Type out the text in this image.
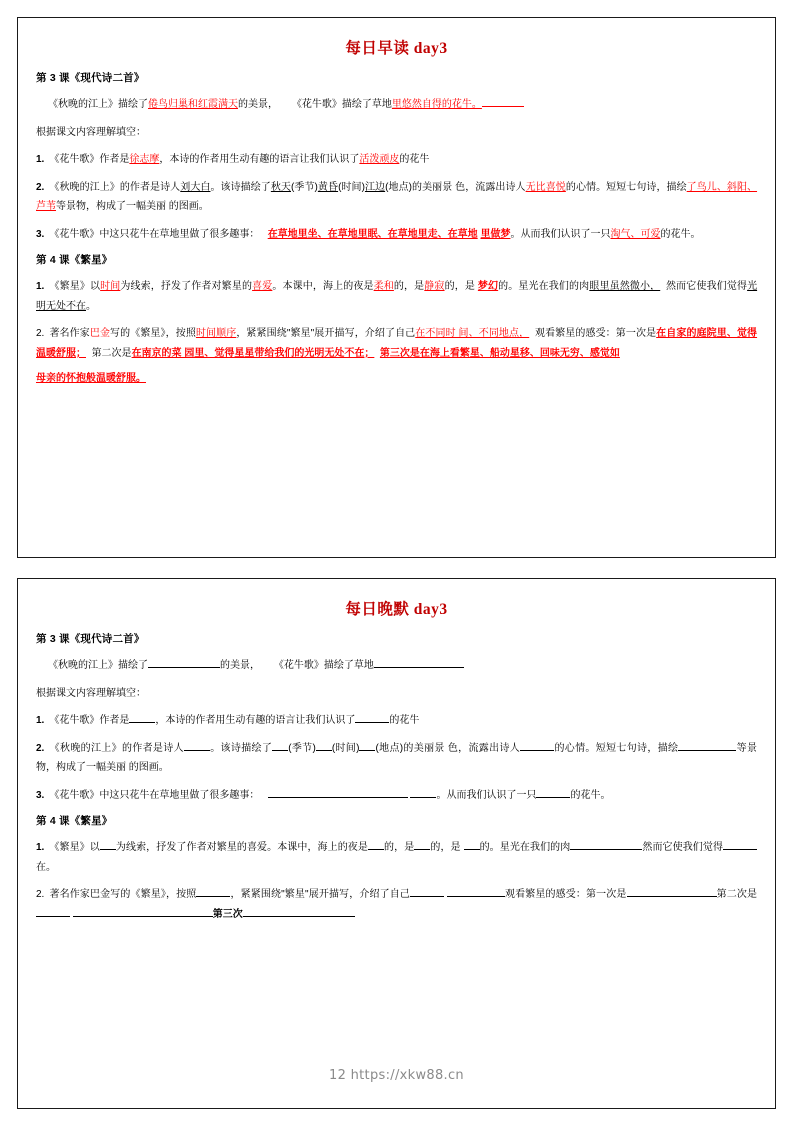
每日早读 day3
第 3 课《现代诗二首》
《秋晚的江上》描绘了倦鸟归巢和红霞满天的美景， 《花牛歌》描绘了草地里悠然自得的花牛。
根据课文内容理解填空：
1. 《花牛歌》作者是徐志摩，本诗的作者用生动有趣的语言让我们认识了活泼顽皮的花牛
2. 《秋晚的江上》的作者是诗人刘大白。该诗描绘了秋天(季节)黄昏(时间)江边(地点)的美丽景 色，流露出诗人无比喜悦的心情。短短七句诗，描绘了鸟儿、斜阳、芦苇等景物，构成了一幅美丽 的图画。
3. 《花牛歌》中这只花牛在草地里做了很多趣事： 在草地里坐、在草地里眠、在草地里走、在草地 里做梦。从而我们认识了一只淘气、可爱的花牛。
第 4 课《繁星》
1. 《繁星》以时间为线索，抒发了作者对繁星的喜爱。本课中，海上的夜是柔和的，是静寂的，是 梦幻的。星光在我们的肉眼里虽然微小， 然而它使我们觉得光明无处不在。
2. 著名作家巴金写的《繁星》，按照时间顺序，紧紧围绕"繁星"展开描写，介绍了自己在不同时 间、不同地点， 观看繁星的感受：第一次是在自家的庭院里、觉得温暖舒服； 第二次是在南京的菜 园里、觉得星星带给我们的光明无处不在； 第三次是在海上看繁星、船动星移、回味无穷、感觉如
母亲的怀抱般温暖舒服。
每日晚默 day3
第 3 课《现代诗二首》
《秋晚的江上》描绘了	的美景， 《花牛歌》描绘了草地
根据课文内容理解填空：
1. 《花牛歌》作者是	，本诗的作者用生动有趣的语言让我们认识了	的花牛
2. 《秋晚的江上》的作者是诗人	。该诗描绘了 (季节) (时间) (地点)的美丽景 色，流露出诗人	的心情。短短七句诗，描绘	等景物，构成了一幅美丽 的图画。
3. 《花牛歌》中这只花牛在草地里做了很多趣事：	。从而我们认识了一只	的花牛。
第 4 课《繁星》
1. 《繁星》以 为线索，抒发了作者对繁星的喜爱。本课中，海上的夜是 的，是 的，是 的。星光在我们的肉	然而它使我们觉得在。
2. 著名作家巴金写的《繁星》，按照	，紧紧围绕"繁星"展开描写，介绍了自己	观看繁星的感受：第一次是	第二次是 第三次
12 https://xkw88.cn
